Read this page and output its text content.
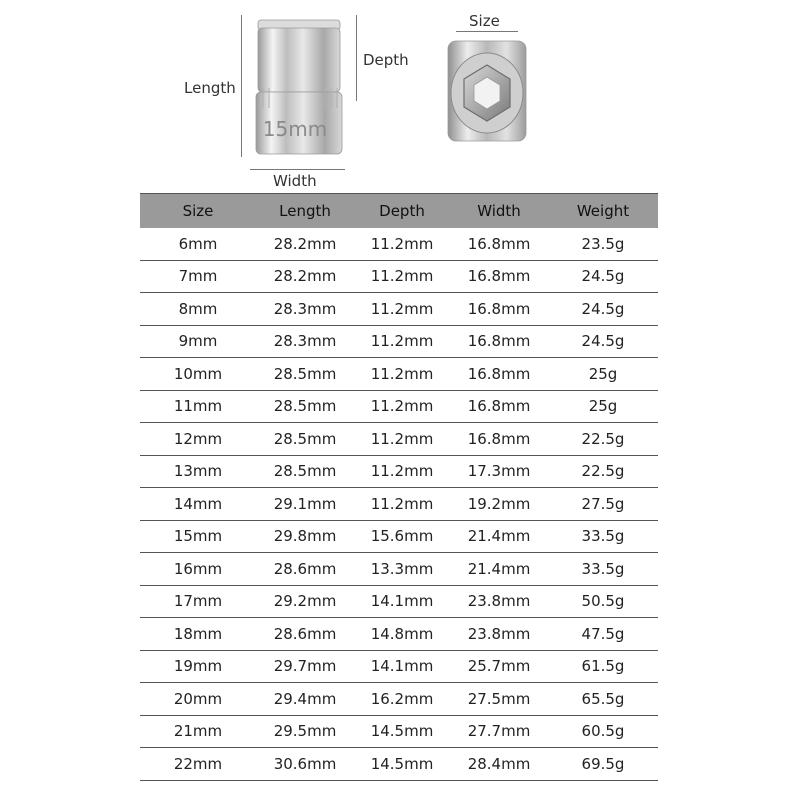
Length
Depth
Width
15mm
Size
Size	Length	Depth	Width	Weight
6mm	28.2mm	11.2mm	16.8mm	23.5g
7mm	28.2mm	11.2mm	16.8mm	24.5g
8mm	28.3mm	11.2mm	16.8mm	24.5g
9mm	28.3mm	11.2mm	16.8mm	24.5g
10mm	28.5mm	11.2mm	16.8mm	25g
11mm	28.5mm	11.2mm	16.8mm	25g
12mm	28.5mm	11.2mm	16.8mm	22.5g
13mm	28.5mm	11.2mm	17.3mm	22.5g
14mm	29.1mm	11.2mm	19.2mm	27.5g
15mm	29.8mm	15.6mm	21.4mm	33.5g
16mm	28.6mm	13.3mm	21.4mm	33.5g
17mm	29.2mm	14.1mm	23.8mm	50.5g
18mm	28.6mm	14.8mm	23.8mm	47.5g
19mm	29.7mm	14.1mm	25.7mm	61.5g
20mm	29.4mm	16.2mm	27.5mm	65.5g
21mm	29.5mm	14.5mm	27.7mm	60.5g
22mm	30.6mm	14.5mm	28.4mm	69.5g
